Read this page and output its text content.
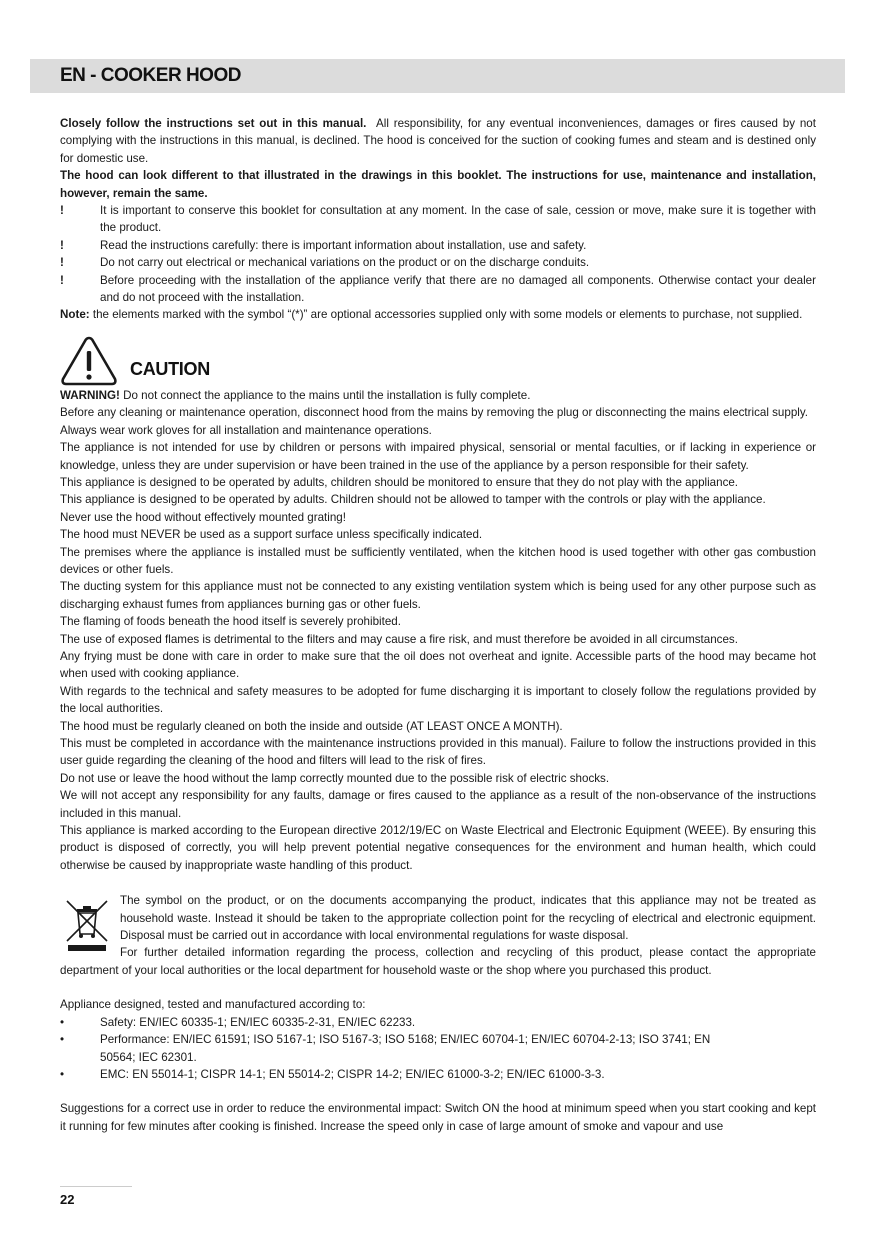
EN - COOKER HOOD

Closely follow the instructions set out in this manual. All responsibility, for any eventual inconveniences, damages or fires caused by not complying with the instructions in this manual, is declined. The hood is conceived for the suction of cooking fumes and steam and is destined only for domestic use.

The hood can look different to that illustrated in the drawings in this booklet. The instructions for use, maintenance and installation, however, remain the same.

!	It is important to conserve this booklet for consultation at any moment. In the case of sale, cession or move, make sure it is together with the product.
!	Read the instructions carefully: there is important information about installation, use and safety.
!	Do not carry out electrical or mechanical variations on the product or on the discharge conduits.
!	Before proceeding with the installation of the appliance verify that there are no damaged all components. Otherwise contact your dealer and do not proceed with the installation.

Note: the elements marked with the symbol “(*)” are optional accessories supplied only with some models or elements to purchase, not supplied.

CAUTION

WARNING! Do not connect the appliance to the mains until the installation is fully complete.

Before any cleaning or maintenance operation, disconnect hood from the mains by removing the plug or disconnecting the mains electrical supply.

Always wear work gloves for all installation and maintenance operations.

The appliance is not intended for use by children or persons with impaired physical, sensorial or mental faculties, or if lacking in experience or knowledge, unless they are under supervision or have been trained in the use of the appliance by a person responsible for their safety.

This appliance is designed to be operated by adults, children should be monitored to ensure that they do not play with the appliance.

This appliance is designed to be operated by adults. Children should not be allowed to tamper with the controls or play with the appliance.

Never use the hood without effectively mounted grating!

The hood must NEVER be used as a support surface unless specifically indicated.

The premises where the appliance is installed must be sufficiently ventilated, when the kitchen hood is used together with other gas combustion devices or other fuels.

The ducting system for this appliance must not be connected to any existing ventilation system which is being used for any other purpose such as discharging exhaust fumes from appliances burning gas or other fuels.

The flaming of foods beneath the hood itself is severely prohibited.

The use of exposed flames is detrimental to the filters and may cause a fire risk, and must therefore be avoided in all circumstances.

Any frying must be done with care in order to make sure that the oil does not overheat and ignite. Accessible parts of the hood may became hot when used with cooking appliance.

With regards to the technical and safety measures to be adopted for fume discharging it is important to closely follow the regulations provided by the local authorities.

The hood must be regularly cleaned on both the inside and outside (AT LEAST ONCE A MONTH).

This must be completed in accordance with the maintenance instructions provided in this manual). Failure to follow the instructions provided in this user guide regarding the cleaning of the hood and filters will lead to the risk of fires.

Do not use or leave the hood without the lamp correctly mounted due to the possible risk of electric shocks.

We will not accept any responsibility for any faults, damage or fires caused to the appliance as a result of the non-observance of the instructions included in this manual.

This appliance is marked according to the European directive 2012/19/EC on Waste Electrical and Electronic Equipment (WEEE). By ensuring this product is disposed of correctly, you will help prevent potential negative consequences for the environment and human health, which could otherwise be caused by inappropriate waste handling of this product.

The symbol on the product, or on the documents accompanying the product, indicates that this appliance may not be treated as household waste. Instead it should be taken to the appropriate collection point for the recycling of electrical and electronic equipment. Disposal must be carried out in accordance with local environmental regulations for waste disposal.

For further detailed information regarding the process, collection and recycling of this product, please contact the appropriate department of your local authorities or the local department for household waste or the shop where you purchased this product.

Appliance designed, tested and manufactured according to:

•	Safety: EN/IEC 60335-1; EN/IEC 60335-2-31, EN/IEC 62233.
•	Performance: EN/IEC 61591; ISO 5167-1; ISO 5167-3; ISO 5168; EN/IEC 60704-1; EN/IEC 60704-2-13; ISO 3741; EN 50564; IEC 62301.
•	EMC: EN 55014-1; CISPR 14-1; EN 55014-2; CISPR 14-2; EN/IEC 61000-3-2; EN/IEC 61000-3-3.

Suggestions for a correct use in order to reduce the environmental impact: Switch ON the hood at minimum speed when you start cooking and kept it running for few minutes after cooking is finished. Increase the speed only in case of large amount of smoke and vapour and use

22
